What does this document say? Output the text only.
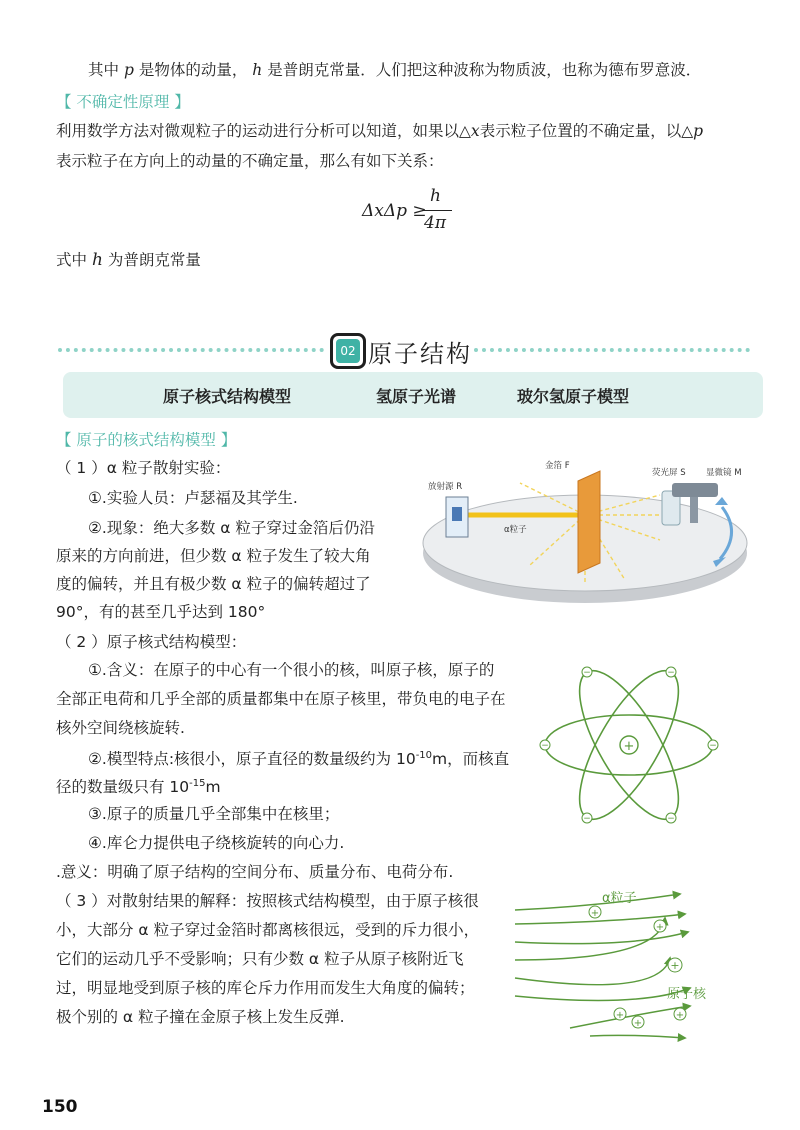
其中 p 是物体的动量， h 是普朗克常量．人们把这种波称为物质波，也称为德布罗意波．
【 不确定性原理 】
利用数学方法对微观粒子的运动进行分析可以知道，如果以△x表示粒子位置的不确定量，以△p
表示粒子在方向上的动量的不确定量，那么有如下关系：
ΔxΔp ≥
h
4π
式中 h 为普朗克常量
02 原子结构
原子核式结构模型	氢原子光谱	玻尔氢原子模型
【 原子的核式结构模型 】
（ 1 ）α 粒子散射实验：
①.实验人员：卢瑟福及其学生.
②.现象：绝大多数 α 粒子穿过金箔后仍沿
原来的方向前进，但少数 α 粒子发生了较大角
度的偏转，并且有极少数 α 粒子的偏转超过了
90°，有的甚至几乎达到 180°
（ 2 ）原子核式结构模型：
①.含义：在原子的中心有一个很小的核，叫原子核，原子的
全部正电荷和几乎全部的质量都集中在原子核里，带负电的电子在
核外空间绕核旋转.
②.模型特点:核很小，原子直径的数量级约为 $10^{-10}m$，而核直
径的数量级只有 $10^{-15}m$
③.原子的质量几乎全部集中在核里；
④.库仑力提供电子绕核旋转的向心力.
.意义：明确了原子结构的空间分布、质量分布、电荷分布.
（ 3 ）对散射结果的解释：按照核式结构模型，由于原子核很
小，大部分 α 粒子穿过金箔时都离核很远，受到的斥力很小，
它们的运动几乎不受影响；只有少数 α 粒子从原子核附近飞
过，明显地受到原子核的库仑斥力作用而发生大角度的偏转；
极个别的 α 粒子撞在金原子核上发生反弹.
放射源 R
金箔 F
荧光屏 S 显微镜 M
α粒子
+
−	−
−	−
−	−
+
+
+
+
+
+
α粒子
原子核
150
